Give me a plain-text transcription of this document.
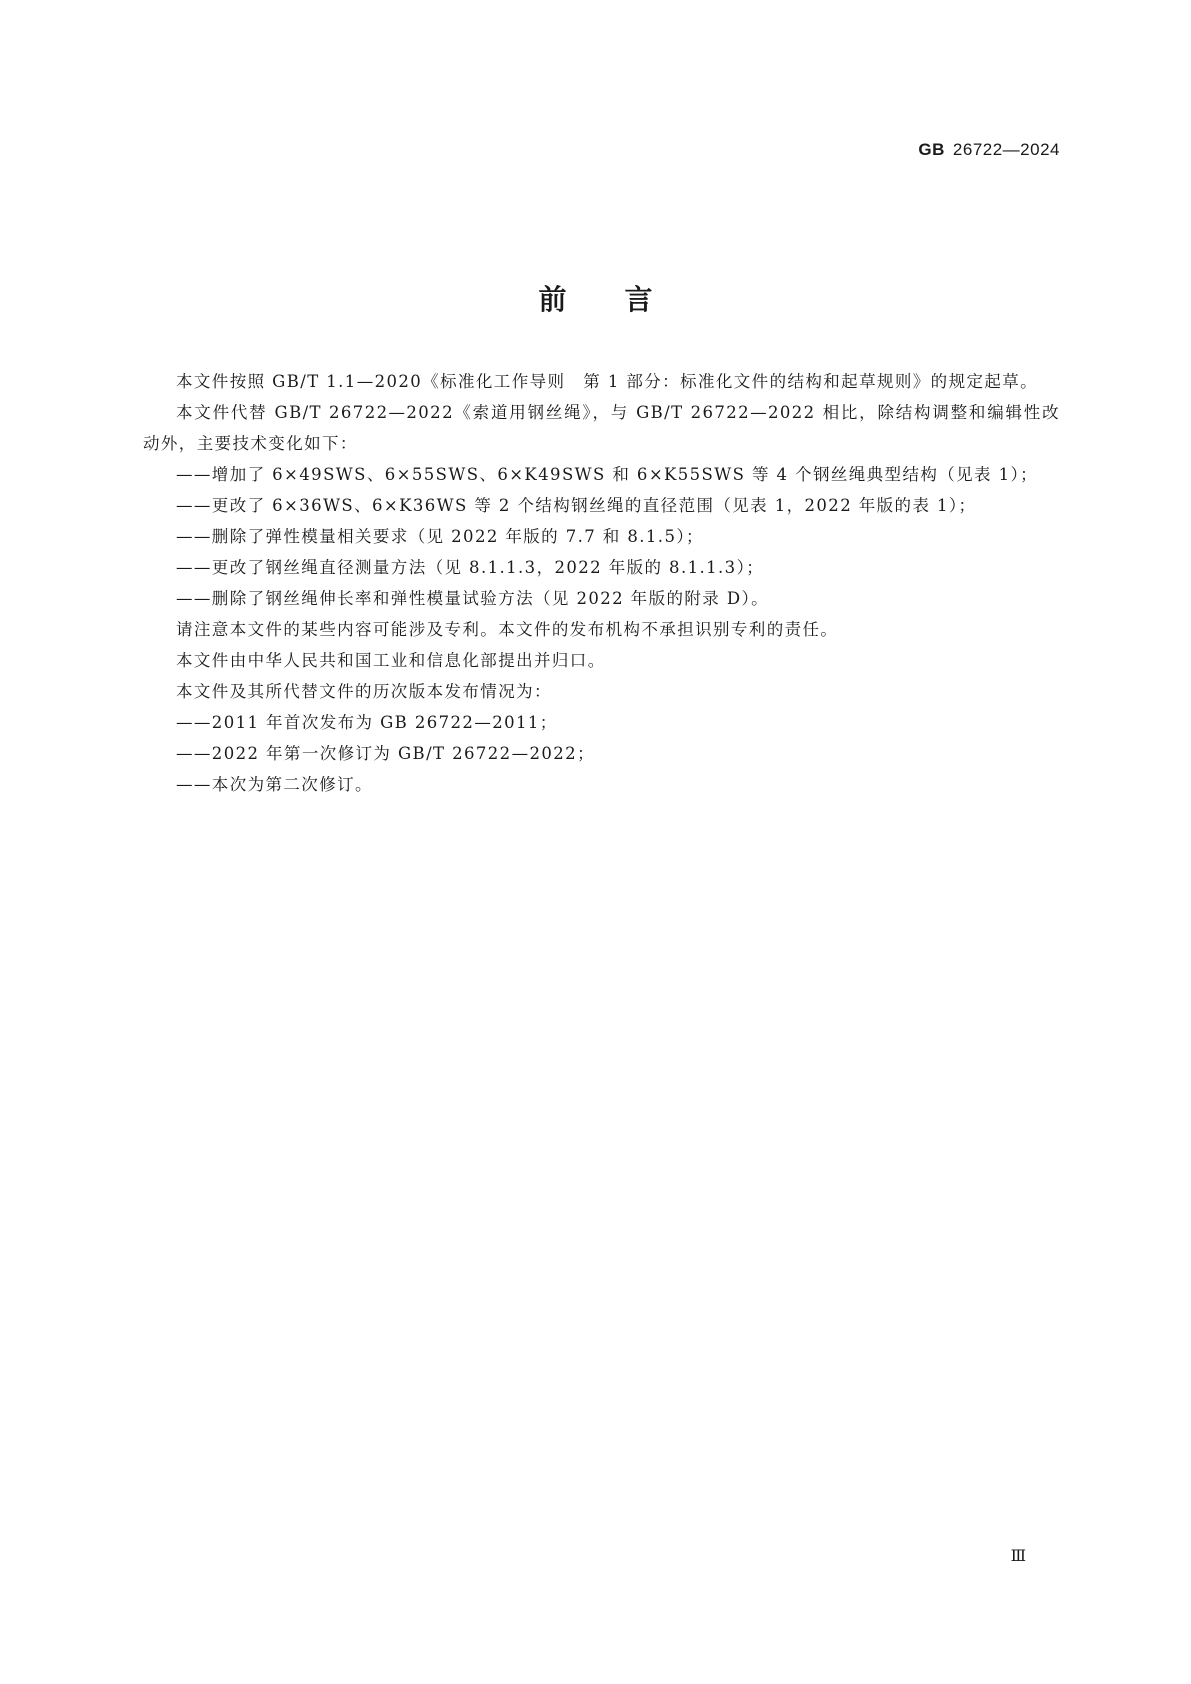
GB 26722—2024
前言

本文件按照 GB/T 1.1—2020《标准化工作导则　第 1 部分：标准化文件的结构和起草规则》的规定起草。

本文件代替 GB/T 26722—2022《索道用钢丝绳》，与 GB/T 26722—2022 相比，除结构调整和编辑性改动外，主要技术变化如下：

——增加了 6×49SWS、6×55SWS、6×K49SWS 和 6×K55SWS 等 4 个钢丝绳典型结构（见表 1）；

——更改了 6×36WS、6×K36WS 等 2 个结构钢丝绳的直径范围（见表 1，2022 年版的表 1）；

——删除了弹性模量相关要求（见 2022 年版的 7.7 和 8.1.5）；

——更改了钢丝绳直径测量方法（见 8.1.1.3，2022 年版的 8.1.1.3）；

——删除了钢丝绳伸长率和弹性模量试验方法（见 2022 年版的附录 D）。

请注意本文件的某些内容可能涉及专利。本文件的发布机构不承担识别专利的责任。

本文件由中华人民共和国工业和信息化部提出并归口。

本文件及其所代替文件的历次版本发布情况为：

——2011 年首次发布为 GB 26722—2011；

——2022 年第一次修订为 GB/T 26722—2022；

——本次为第二次修订。

Ⅲ
